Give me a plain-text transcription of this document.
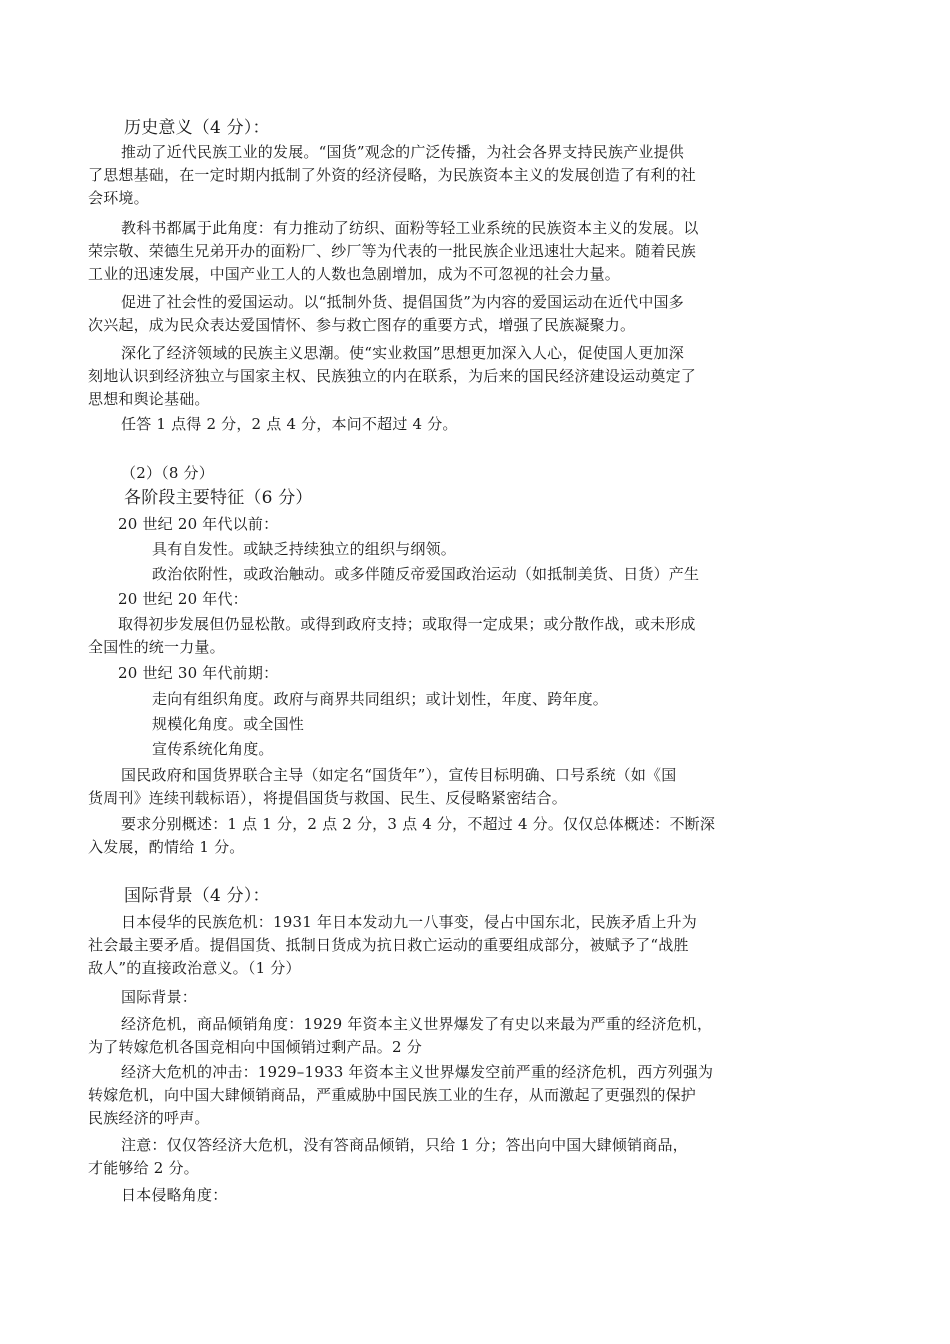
历史意义（4 分）：
推动了近代民族工业的发展。“国货”观念的广泛传播，为社会各界支持民族产业提供
了思想基础，在一定时期内抵制了外资的经济侵略，为民族资本主义的发展创造了有利的社
会环境。
教科书都属于此角度：有力推动了纺织、面粉等轻工业系统的民族资本主义的发展。以
荣宗敬、荣德生兄弟开办的面粉厂、纱厂等为代表的一批民族企业迅速壮大起来。随着民族
工业的迅速发展，中国产业工人的人数也急剧增加，成为不可忽视的社会力量。
促进了社会性的爱国运动。以“抵制外货、提倡国货”为内容的爱国运动在近代中国多
次兴起，成为民众表达爱国情怀、参与救亡图存的重要方式，增强了民族凝聚力。
深化了经济领域的民族主义思潮。使“实业救国”思想更加深入人心，促使国人更加深
刻地认识到经济独立与国家主权、民族独立的内在联系，为后来的国民经济建设运动奠定了
思想和舆论基础。
任答 1 点得 2 分，2 点 4 分，本问不超过 4 分。
（2）（8 分）
各阶段主要特征（6 分）
20 世纪 20 年代以前：
具有自发性。或缺乏持续独立的组织与纲领。
政治依附性，或政治触动。或多伴随反帝爱国政治运动（如抵制美货、日货）产生
20 世纪 20 年代：
取得初步发展但仍显松散。或得到政府支持；或取得一定成果；或分散作战，或未形成
全国性的统一力量。
20 世纪 30 年代前期：
走向有组织角度。政府与商界共同组织；或计划性，年度、跨年度。
规模化角度。或全国性
宣传系统化角度。
国民政府和国货界联合主导（如定名“国货年”），宣传目标明确、口号系统（如《国
货周刊》连续刊载标语），将提倡国货与救国、民生、反侵略紧密结合。
要求分别概述：1 点 1 分，2 点 2 分，3 点 4 分，不超过 4 分。仅仅总体概述：不断深
入发展，酌情给 1 分。
国际背景（4 分）：
日本侵华的民族危机：1931 年日本发动九一八事变，侵占中国东北，民族矛盾上升为
社会最主要矛盾。提倡国货、抵制日货成为抗日救亡运动的重要组成部分，被赋予了“战胜
敌人”的直接政治意义。（1 分）
国际背景：
经济危机，商品倾销角度：1929 年资本主义世界爆发了有史以来最为严重的经济危机，
为了转嫁危机各国竞相向中国倾销过剩产品。2 分
经济大危机的冲击：1929–1933 年资本主义世界爆发空前严重的经济危机，西方列强为
转嫁危机，向中国大肆倾销商品，严重威胁中国民族工业的生存，从而激起了更强烈的保护
民族经济的呼声。
注意：仅仅答经济大危机，没有答商品倾销，只给 1 分；答出向中国大肆倾销商品，
才能够给 2 分。
日本侵略角度：
